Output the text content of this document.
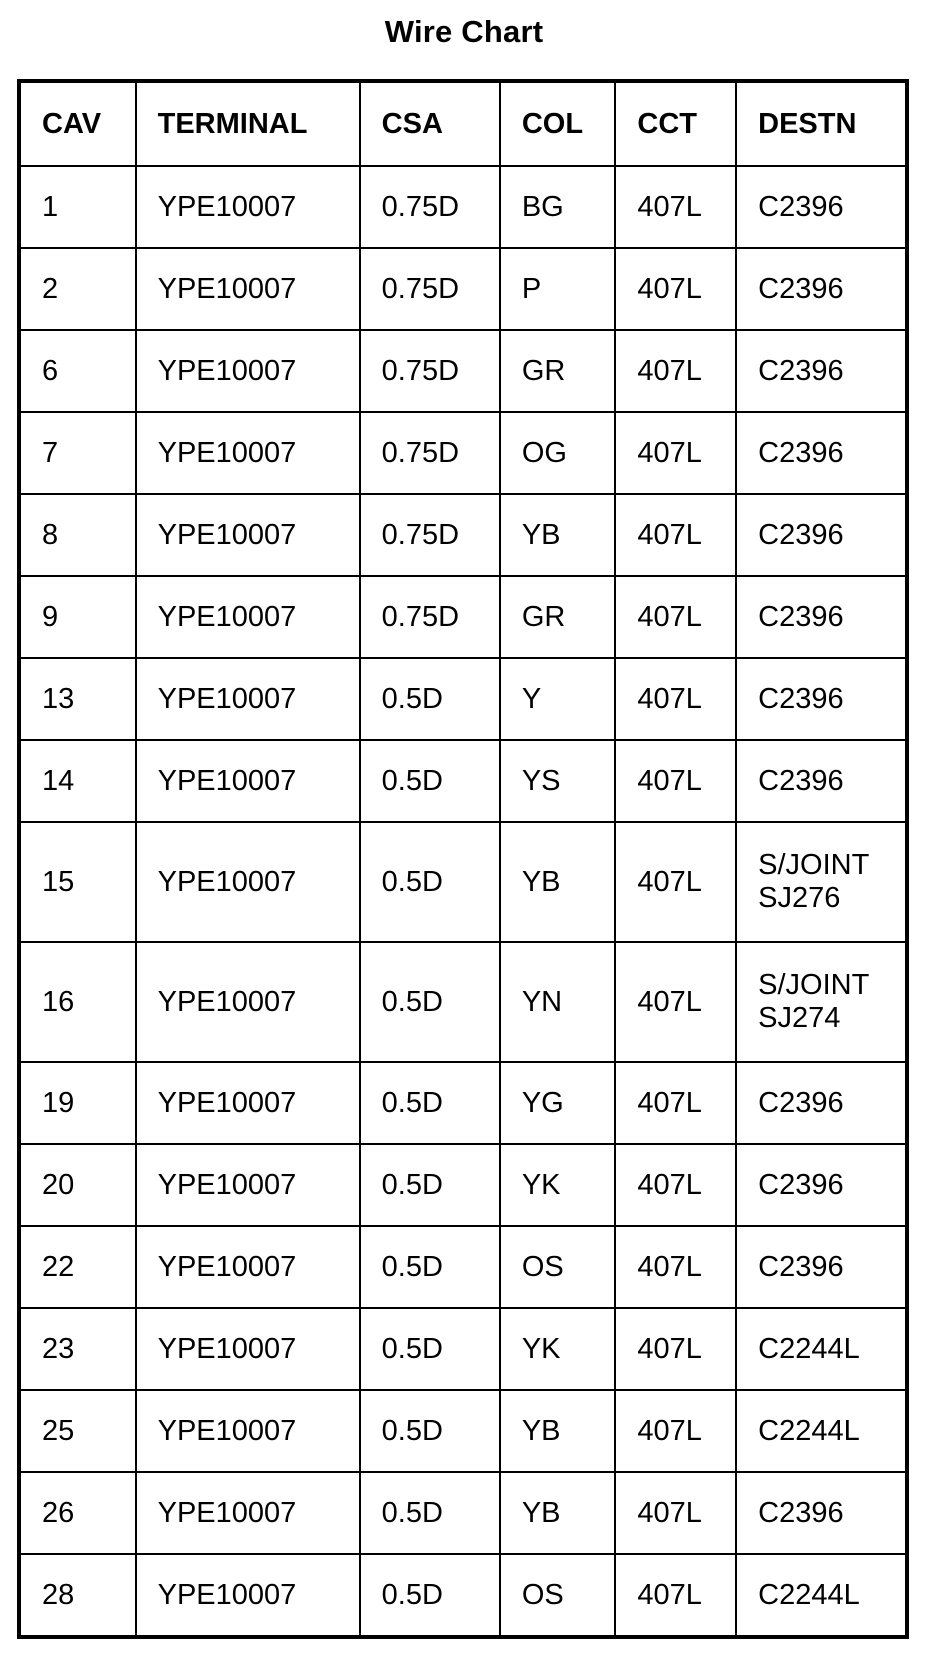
Wire Chart
CAV	TERMINAL	CSA	COL	CCT	DESTN
1	YPE10007	0.75D	BG	407L	C2396

2	YPE10007	0.75D	P	407L	C2396

6	YPE10007	0.75D	GR	407L	C2396

7	YPE10007	0.75D	OG	407L	C2396

8	YPE10007	0.75D	YB	407L	C2396

9	YPE10007	0.75D	GR	407L	C2396

13	YPE10007	0.5D	Y	407L	C2396

14	YPE10007	0.5D	YS	407L	C2396

15	YPE10007	0.5D	YB	407L	S/JOINT
SJ276

16	YPE10007	0.5D	YN	407L	S/JOINT
SJ274

19	YPE10007	0.5D	YG	407L	C2396

20	YPE10007	0.5D	YK	407L	C2396

22	YPE10007	0.5D	OS	407L	C2396

23	YPE10007	0.5D	YK	407L	C2244L

25	YPE10007	0.5D	YB	407L	C2244L

26	YPE10007	0.5D	YB	407L	C2396

28	YPE10007	0.5D	OS	407L	C2244L
